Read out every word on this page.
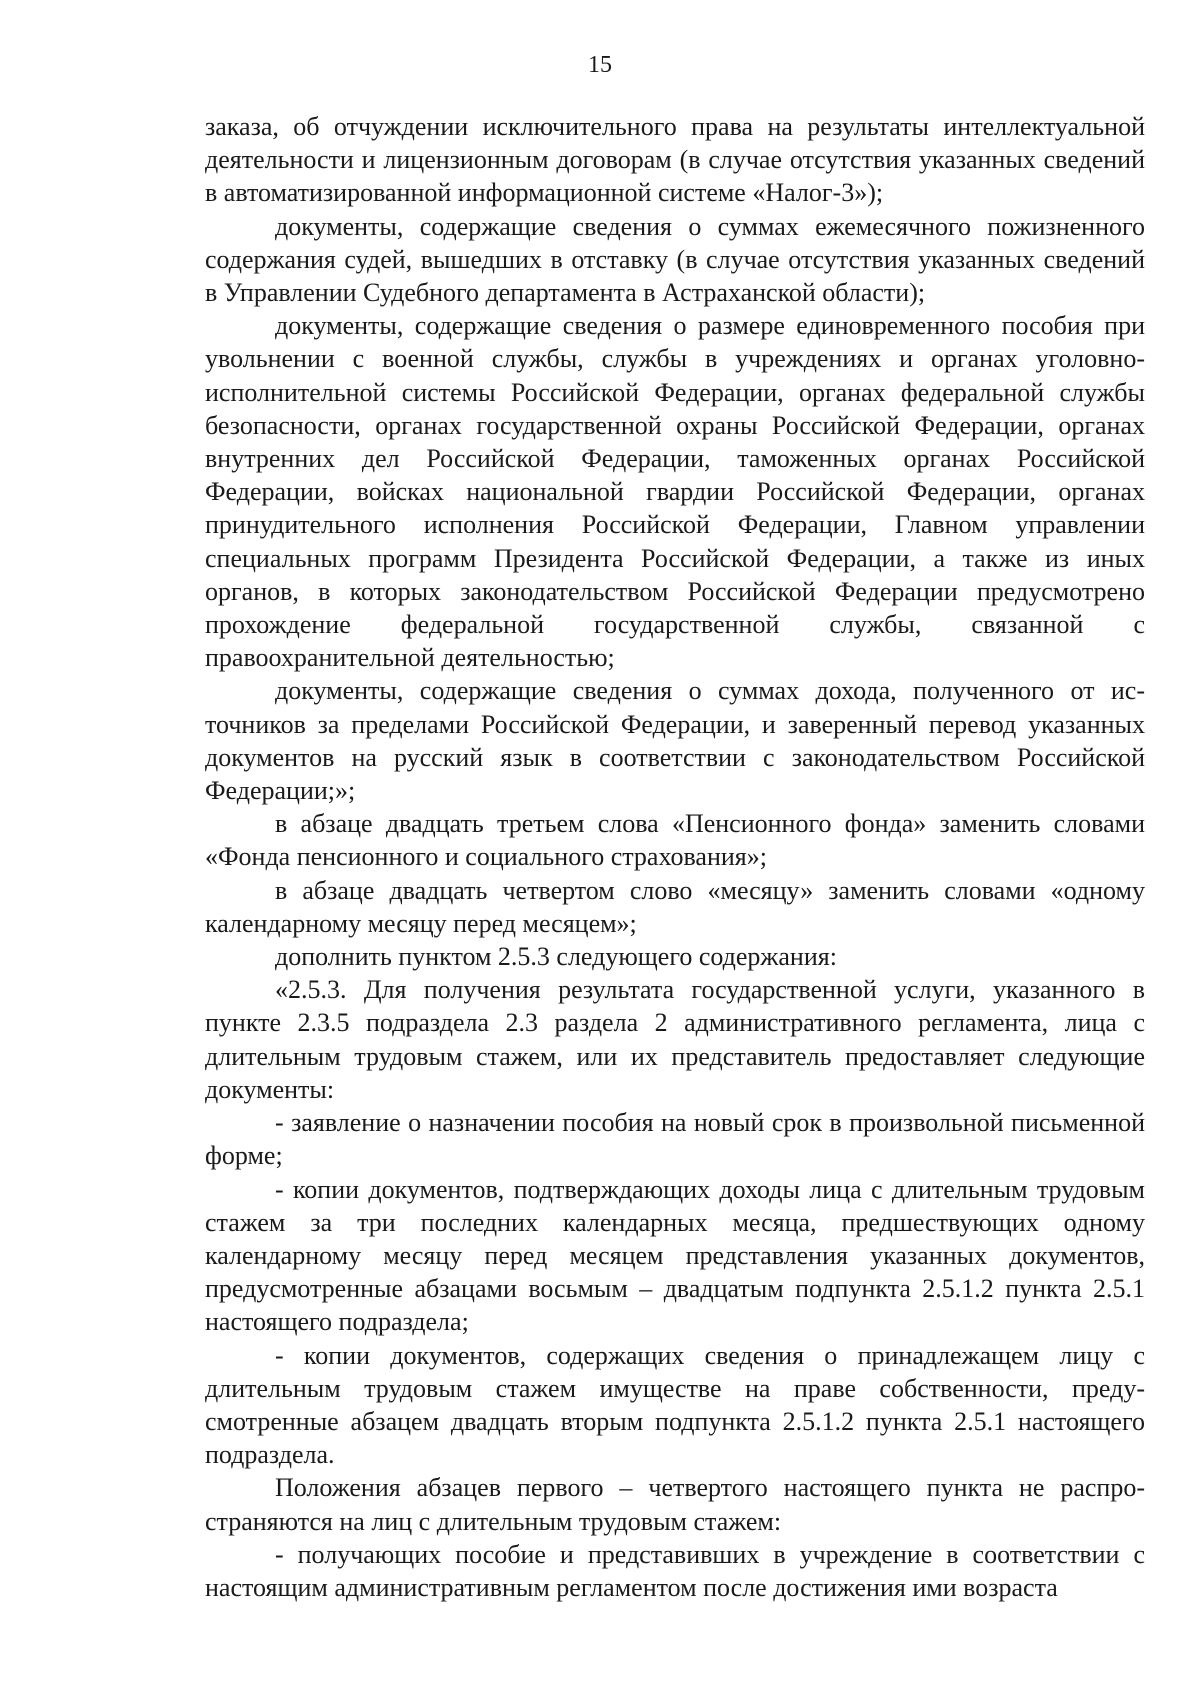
15

заказа, об отчуждении исключительного права на результаты интеллектуальной деятельности и лицензионным договорам (в случае отсутствия указанных сведений в автоматизированной информационной системе «Налог-3»);

документы, содержащие сведения о суммах ежемесячного пожизненного содержания судей, вышедших в отставку (в случае отсутствия указанных сведений в Управлении Судебного департамента в Астраханской области);

документы, содержащие сведения о размере единовременного пособия при увольнении с военной службы, службы в учреждениях и органах уголовно-исполнительной системы Российской Федерации, органах федеральной службы безопасности, органах государственной охраны Российской Федерации, органах внутренних дел Российской Федерации, таможенных органах Российской Федерации, войсках национальной гвардии Российской Федерации, органах принудительного исполнения Российской Федерации, Главном управлении специальных программ Президента Российской Федерации, а также из иных органов, в которых законодательством Российской Федерации предусмотрено прохождение федеральной государственной службы, связанной с правоохранительной деятельностью;

документы, содержащие сведения о суммах дохода, полученного от источников за пределами Российской Федерации, и заверенный перевод указанных документов на русский язык в соответствии с законодательством Российской Федерации;»;

в абзаце двадцать третьем слова «Пенсионного фонда» заменить словами «Фонда пенсионного и социального страхования»;

в абзаце двадцать четвертом слово «месяцу» заменить словами «одному календарному месяцу перед месяцем»;

дополнить пунктом 2.5.3 следующего содержания:

«2.5.3. Для получения результата государственной услуги, указанного в пункте 2.3.5 подраздела 2.3 раздела 2 административного регламента, лица с длительным трудовым стажем, или их представитель предоставляет следующие документы:

- заявление о назначении пособия на новый срок в произвольной письменной форме;

- копии документов, подтверждающих доходы лица с длительным трудовым стажем за три последних календарных месяца, предшествующих одному календарному месяцу перед месяцем представления указанных документов, предусмотренные абзацами восьмым – двадцатым подпункта 2.5.1.2 пункта 2.5.1 настоящего подраздела;

- копии документов, содержащих сведения о принадлежащем лицу с длительным трудовым стажем имуществе на праве собственности, предусмотренные абзацем двадцать вторым подпункта 2.5.1.2 пункта 2.5.1 настоящего подраздела.

Положения абзацев первого – четвертого настоящего пункта не распространяются на лиц с длительным трудовым стажем:

- получающих пособие и представивших в учреждение в соответствии с настоящим административным регламентом после достижения ими возраста
